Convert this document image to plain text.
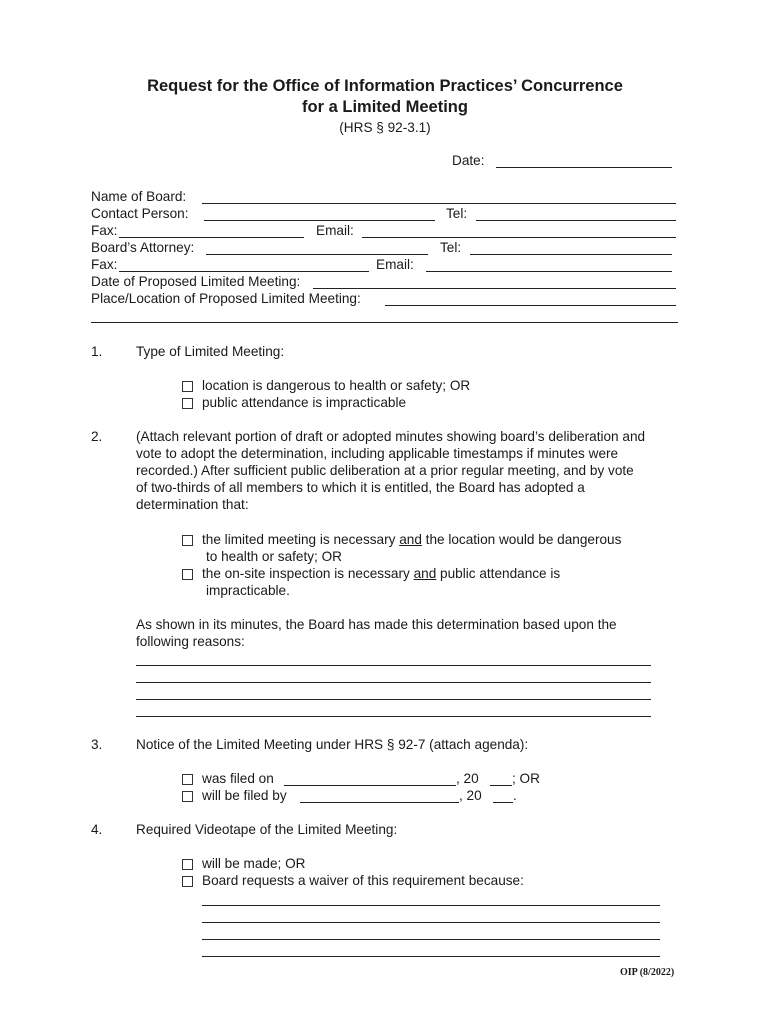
Request for the Office of Information Practices’ Concurrence
for a Limited Meeting
(HRS § 92-3.1)
Date:
Name of Board:
Contact Person:	Tel:
Fax:	Email:
Board’s Attorney:	Tel:
Fax:	Email:
Date of Proposed Limited Meeting:
Place/Location of Proposed Limited Meeting:
1. Type of Limited Meeting:
location is dangerous to health or safety; OR
public attendance is impracticable
2. (Attach relevant portion of draft or adopted minutes showing board’s deliberation and
vote to adopt the determination, including applicable timestamps if minutes were
recorded.) After sufficient public deliberation at a prior regular meeting, and by vote
of two-thirds of all members to which it is entitled, the Board has adopted a
determination that:
the limited meeting is necessary and the location would be dangerous
to health or safety; OR
the on-site inspection is necessary and public attendance is
impracticable.
As shown in its minutes, the Board has made this determination based upon the
following reasons:
3. Notice of the Limited Meeting under HRS § 92-7 (attach agenda):
was filed on	, 20 ; OR
will be filed by	, 20 .
4. Required Videotape of the Limited Meeting:
will be made; OR
Board requests a waiver of this requirement because:
OIP (8/2022)
